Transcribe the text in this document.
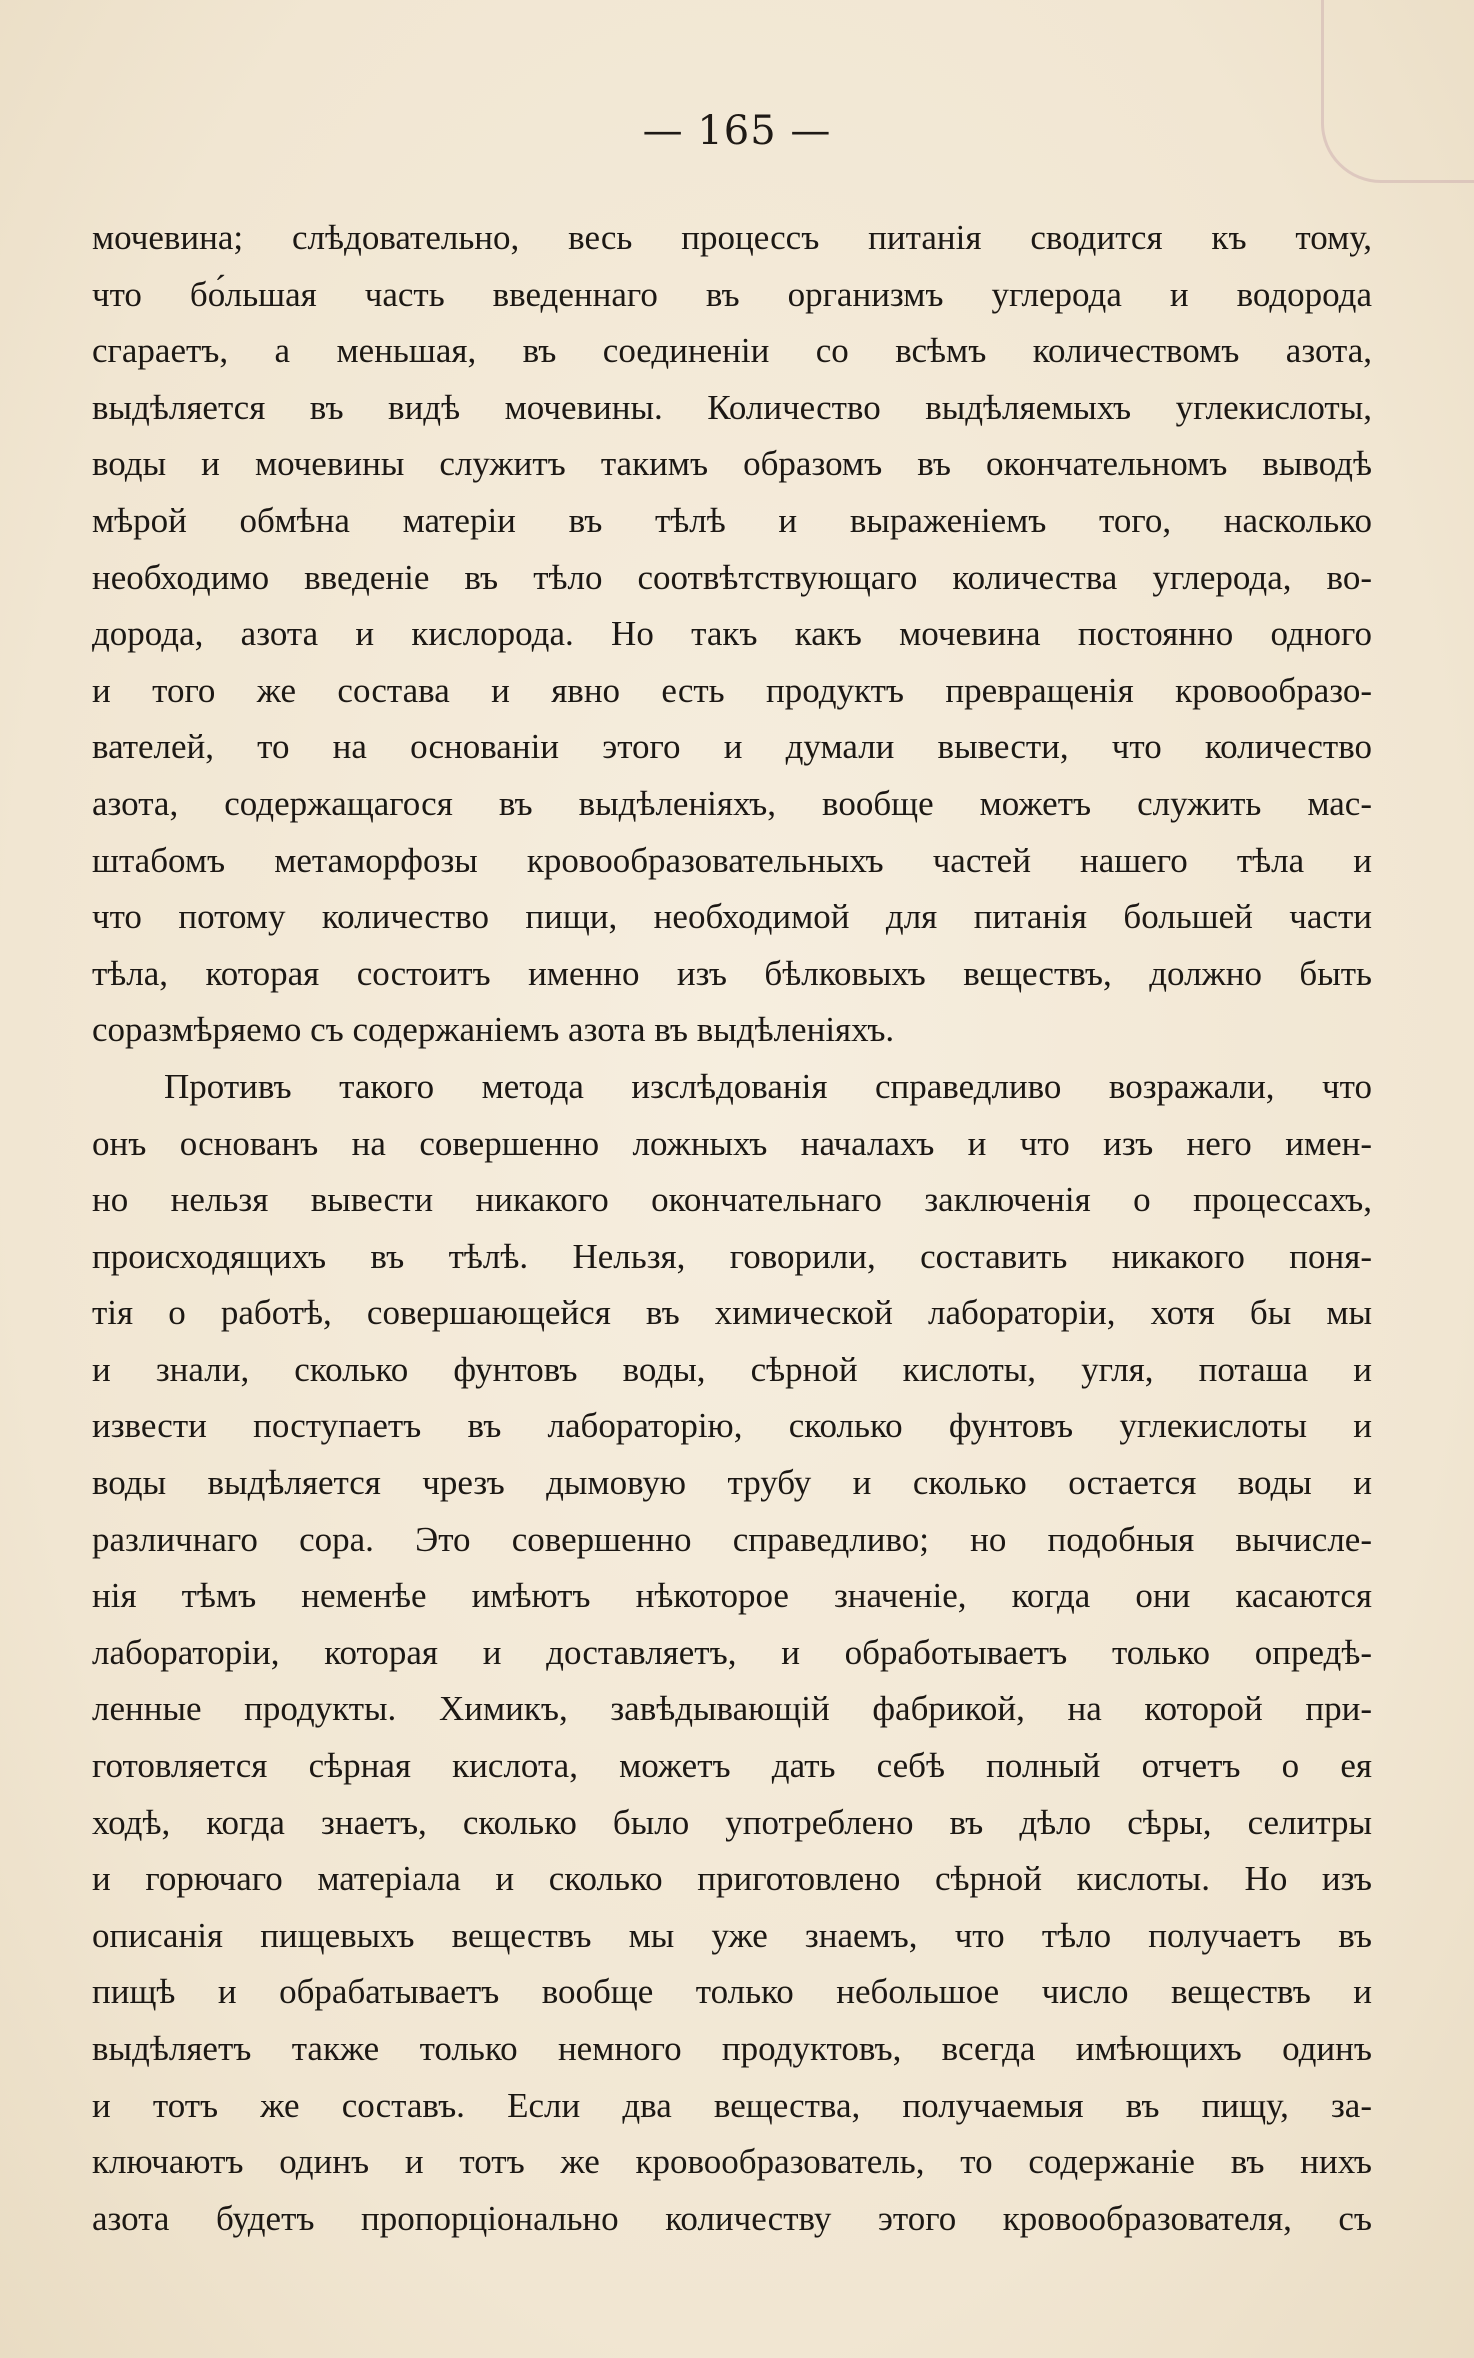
— 165 —
мочевина; слѣдовательно, весь процессъ питанія сводится къ тому,
что бо́льшая часть введеннаго въ организмъ углерода и водорода
сгараетъ, а меньшая, въ соединеніи со всѣмъ количествомъ азота,
выдѣляется въ видѣ мочевины. Количество выдѣляемыхъ углекислоты,
воды и мочевины служитъ такимъ образомъ въ окончательномъ выводѣ
мѣрой обмѣна матеріи въ тѣлѣ и выраженіемъ того, насколько
необходимо введеніе въ тѣло соотвѣтствующаго количества углерода, во-
дорода, азота и кислорода. Но такъ какъ мочевина постоянно одного
и того же состава и явно есть продуктъ превращенія кровообразо-
вателей, то на основаніи этого и думали вывести, что количество
азота, содержащагося въ выдѣленіяхъ, вообще можетъ служить мас-
штабомъ метаморфозы кровообразовательныхъ частей нашего тѣла и
что потому количество пищи, необходимой для питанія большей части
тѣла, которая состоитъ именно изъ бѣлковыхъ веществъ, должно быть
соразмѣряемо съ содержаніемъ азота въ выдѣленіяхъ.
Противъ такого метода изслѣдованія справедливо возражали, что
онъ основанъ на совершенно ложныхъ началахъ и что изъ него имен-
но нельзя вывести никакого окончательнаго заключенія о процессахъ,
происходящихъ въ тѣлѣ. Нельзя, говорили, составить никакого поня-
тія о работѣ, совершающейся въ химической лабораторіи, хотя бы мы
и знали, сколько фунтовъ воды, сѣрной кислоты, угля, поташа и
извести поступаетъ въ лабораторію, сколько фунтовъ углекислоты и
воды выдѣляется чрезъ дымовую трубу и сколько остается воды и
различнаго сора. Это совершенно справедливо; но подобныя вычисле-
нія тѣмъ неменѣе имѣютъ нѣкоторое значеніе, когда они касаются
лабораторіи, которая и доставляетъ, и обработываетъ только опредѣ-
ленные продукты. Химикъ, завѣдывающій фабрикой, на которой при-
готовляется сѣрная кислота, можетъ дать себѣ полный отчетъ о ея
ходѣ, когда знаетъ, сколько было употреблено въ дѣло сѣры, селитры
и горючаго матеріала и сколько приготовлено сѣрной кислоты. Но изъ
описанія пищевыхъ веществъ мы уже знаемъ, что тѣло получаетъ въ
пищѣ и обрабатываетъ вообще только небольшое число веществъ и
выдѣляетъ также только немного продуктовъ, всегда имѣющихъ одинъ
и тотъ же составъ. Если два вещества, получаемыя въ пищу, за-
ключаютъ одинъ и тотъ же кровообразователь, то содержаніе въ нихъ
азота будетъ пропорціонально количеству этого кровообразователя, съ
